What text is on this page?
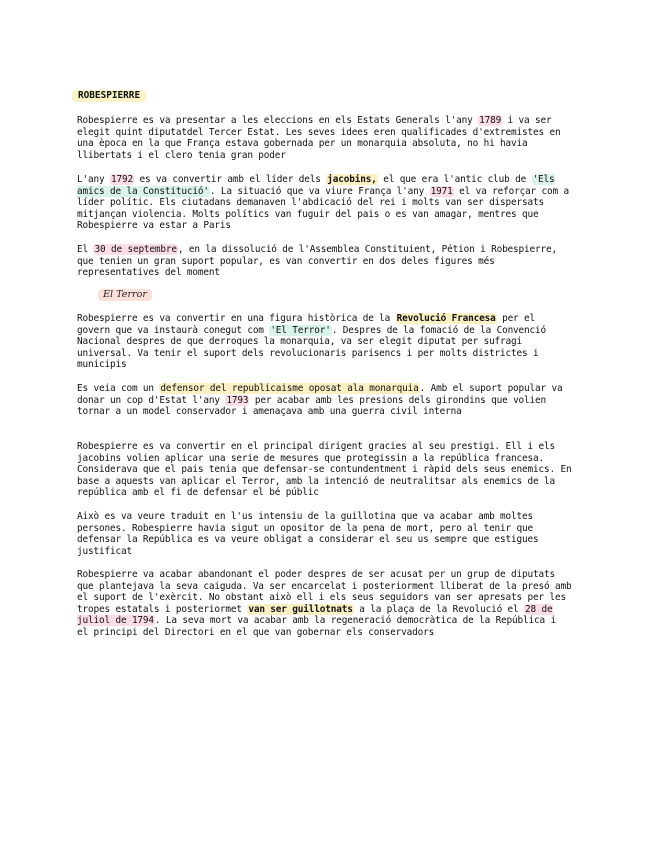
ROBESPIERRE
Robespierre es va presentar a les eleccions en els Estats Generals l'any 1789 i va ser elegit quint diputatdel Tercer Estat. Les seves idees eren qualificades d'extremistes en una època en la que França estava gobernada per un monarquia absoluta, no hi havia llibertats i el clero tenia gran poder
L'any 1792 es va convertir amb el líder dels jacobins, el que era l'antic club de 'Els amics de la Constitució'. La situació que va viure França l'any 1971 el va reforçar com a líder polític. Els ciutadans demanaven l'abdicació del rei i molts van ser dispersats mitjançan violencia. Molts polítics van fuguir del pais o es van amagar, mentres que Robespierre va estar a Paris
El 30 de septembre, en la dissolució de l'Assemblea Constituient, Pétion i Robespierre, que tenien un gran suport popular, es van convertir en dos deles figures més representatives del moment
El Terror
Robespierre es va convertir en una figura històrica de la Revolució Francesa per el govern que va instaurà conegut com 'El Terror'. Despres de la fomació de la Convenció Nacional despres de que derroques la monarquia, va ser elegit diputat per sufragi universal. Va tenir el suport dels revolucionaris parisencs i per molts districtes i municipis
Es veia com un defensor del republicaisme oposat ala monarquia. Amb el suport popular va donar un cop d'Estat l'any 1793 per acabar amb les presions dels girondins que volien tornar a un model conservador i amenaçava amb una guerra civil interna
Robespierre es va convertir en el principal dirigent gracies al seu prestigi. Ell i els jacobins volien aplicar una serie de mesures que protegissin a la república francesa. Considerava que el pais tenia que defensar-se contundentment i ràpid dels seus enemics. En base a aquests van aplicar el Terror, amb la intenció de neutralitsar als enemics de la república amb el fi de defensar el bé públic
Això es va veure traduit en l'us intensiu de la guillotina que va acabar amb moltes persones. Robespierre havia sigut un opositor de la pena de mort, pero al tenir que defensar la República es va veure obligat a considerar el seu us sempre que estigues justificat
Robespierre va acabar abandonant el poder despres de ser acusat per un grup de diputats que plantejava la seva caiguda. Va ser encarcelat i posteriorment lliberat de la presó amb el suport de l'exèrcit. No obstant això ell i els seus seguidors van ser apresats per les tropes estatals i posteriormet van ser guillotnats a la plaça de la Revolució el 28 de juliol de 1794. La seva mort va acabar amb la regeneració democràtica de la República i el principi del Directori en el que van gobernar els conservadors
